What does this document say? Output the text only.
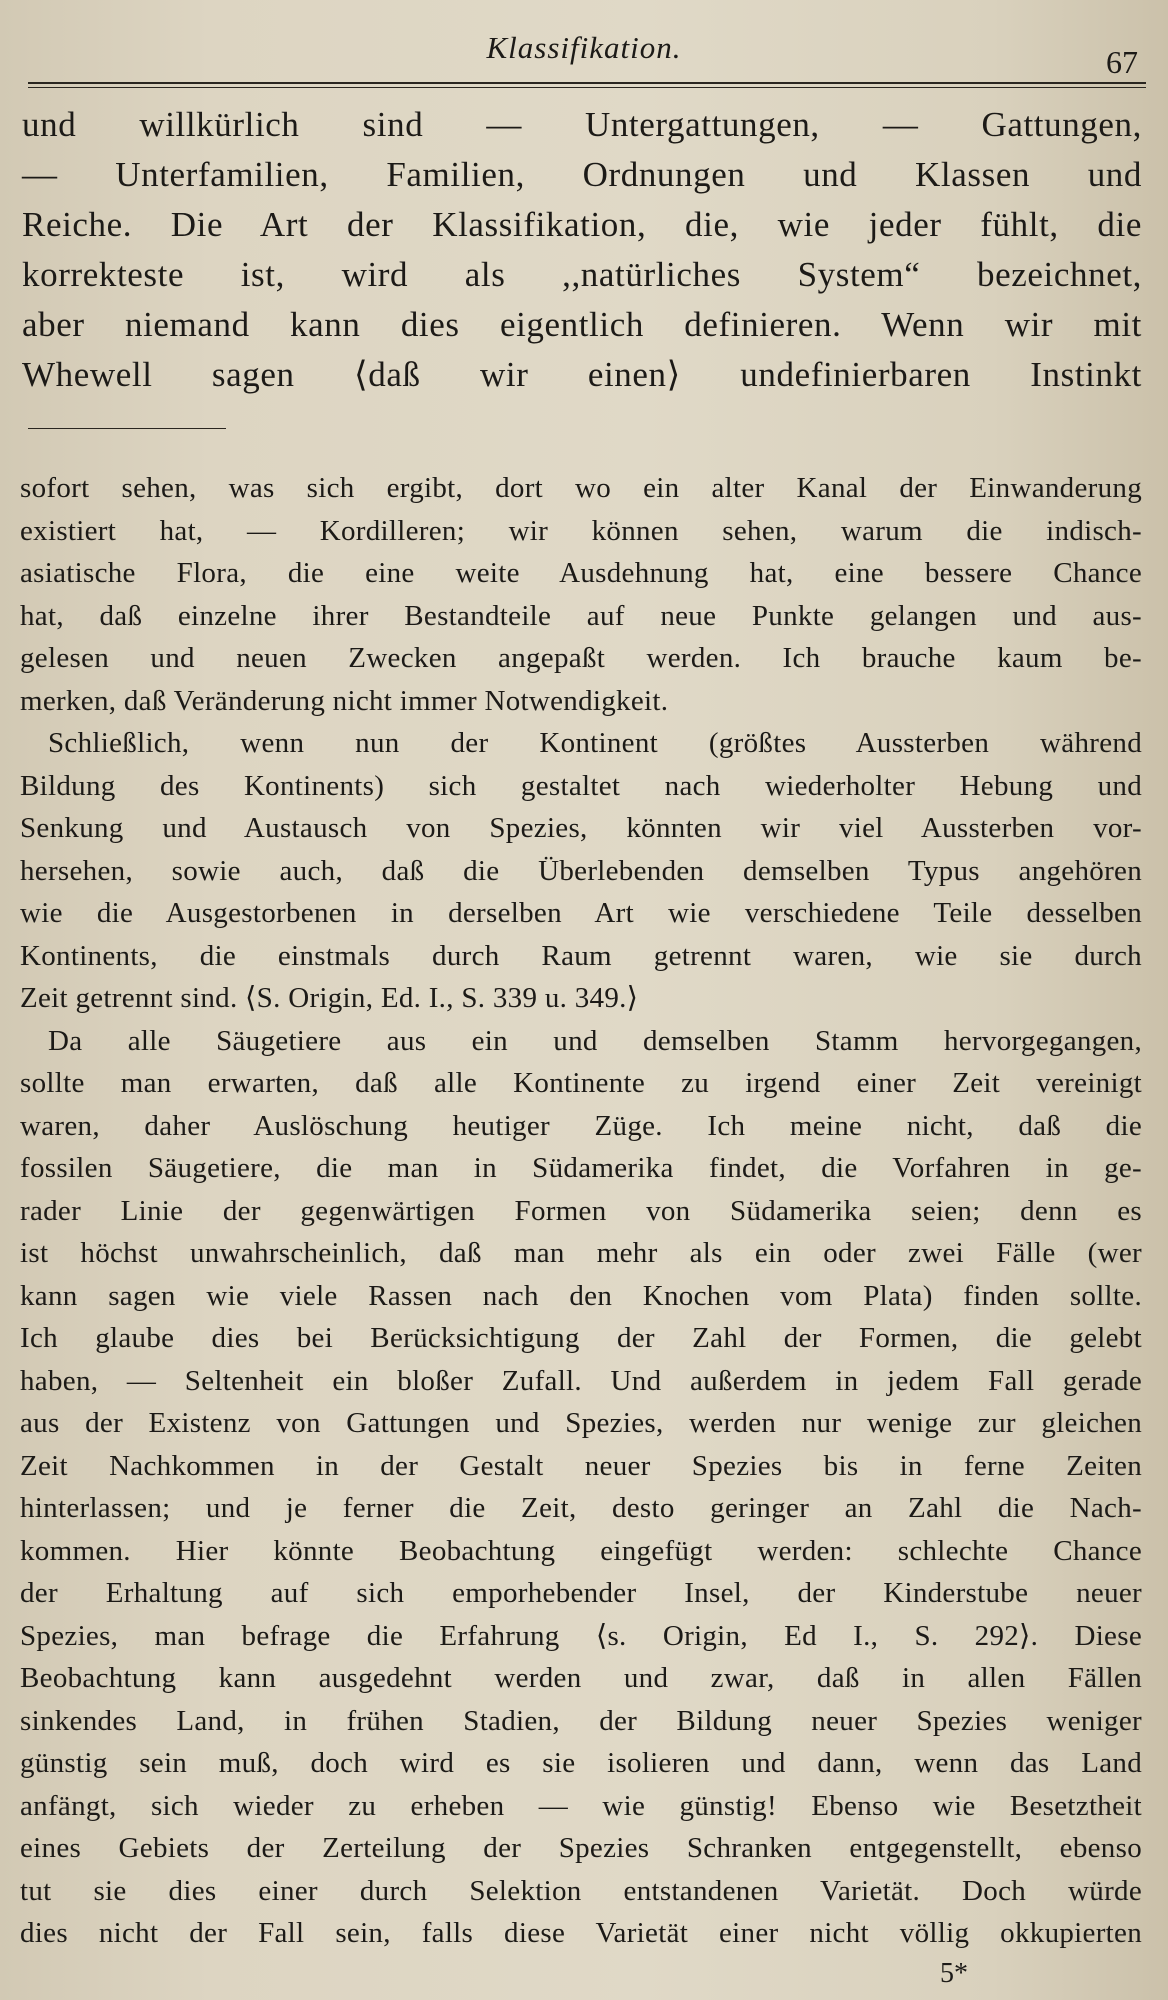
Klassifikation.	67
und willkürlich sind — Untergattungen, — Gattungen,
— Unterfamilien, Familien, Ordnungen und Klassen und
Reiche. Die Art der Klassifikation, die, wie jeder fühlt, die
korrekteste ist, wird als ,,natürliches System“ bezeichnet,
aber niemand kann dies eigentlich definieren. Wenn wir mit
Whewell sagen ⟨daß wir einen⟩ undefinierbaren Instinkt
sofort sehen, was sich ergibt, dort wo ein alter Kanal der Einwanderung
existiert hat, — Kordilleren; wir können sehen, warum die indisch-
asiatische Flora, die eine weite Ausdehnung hat, eine bessere Chance
hat, daß einzelne ihrer Bestandteile auf neue Punkte gelangen und aus-
gelesen und neuen Zwecken angepaßt werden. Ich brauche kaum be-
merken, daß Veränderung nicht immer Notwendigkeit.
Schließlich, wenn nun der Kontinent (größtes Aussterben während
Bildung des Kontinents) sich gestaltet nach wiederholter Hebung und
Senkung und Austausch von Spezies, könnten wir viel Aussterben vor-
hersehen, sowie auch, daß die Überlebenden demselben Typus angehören
wie die Ausgestorbenen in derselben Art wie verschiedene Teile desselben
Kontinents, die einstmals durch Raum getrennt waren, wie sie durch
Zeit getrennt sind. ⟨S. Origin, Ed. I., S. 339 u. 349.⟩
Da alle Säugetiere aus ein und demselben Stamm hervorgegangen,
sollte man erwarten, daß alle Kontinente zu irgend einer Zeit vereinigt
waren, daher Auslöschung heutiger Züge. Ich meine nicht, daß die
fossilen Säugetiere, die man in Südamerika findet, die Vorfahren in ge-
rader Linie der gegenwärtigen Formen von Südamerika seien; denn es
ist höchst unwahrscheinlich, daß man mehr als ein oder zwei Fälle (wer
kann sagen wie viele Rassen nach den Knochen vom Plata) finden sollte.
Ich glaube dies bei Berücksichtigung der Zahl der Formen, die gelebt
haben, — Seltenheit ein bloßer Zufall. Und außerdem in jedem Fall gerade
aus der Existenz von Gattungen und Spezies, werden nur wenige zur gleichen
Zeit Nachkommen in der Gestalt neuer Spezies bis in ferne Zeiten
hinterlassen; und je ferner die Zeit, desto geringer an Zahl die Nach-
kommen. Hier könnte Beobachtung eingefügt werden: schlechte Chance
der Erhaltung auf sich emporhebender Insel, der Kinderstube neuer
Spezies, man befrage die Erfahrung ⟨s. Origin, Ed I., S. 292⟩. Diese
Beobachtung kann ausgedehnt werden und zwar, daß in allen Fällen
sinkendes Land, in frühen Stadien, der Bildung neuer Spezies weniger
günstig sein muß, doch wird es sie isolieren und dann, wenn das Land
anfängt, sich wieder zu erheben — wie günstig! Ebenso wie Besetztheit
eines Gebiets der Zerteilung der Spezies Schranken entgegenstellt, ebenso
tut sie dies einer durch Selektion entstandenen Varietät. Doch würde
dies nicht der Fall sein, falls diese Varietät einer nicht völlig okkupierten
5*
